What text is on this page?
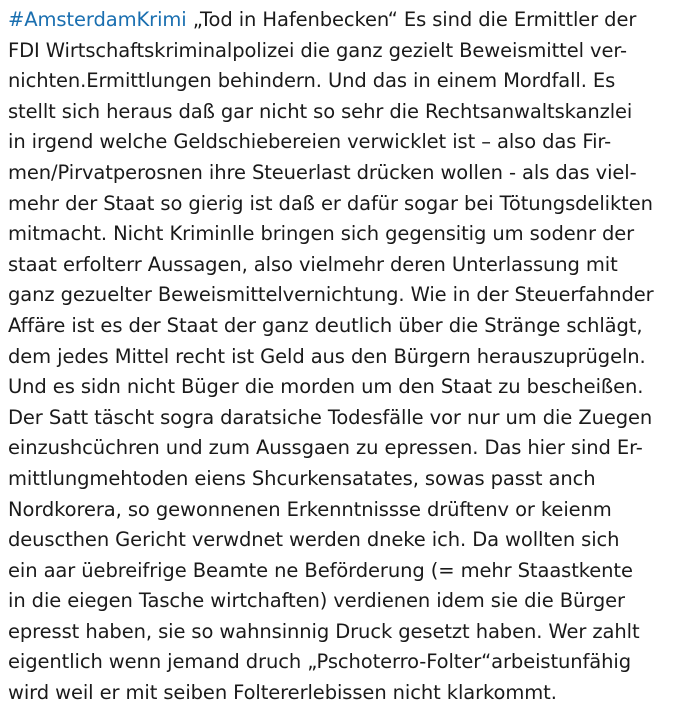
#AmsterdamKrimi „Tod in Hafenbecken“ Es sind die Ermittler der
FDI Wirtschaftskriminalpolizei die ganz gezielt Beweismittel ver-
nichten.Ermittlungen behindern. Und das in einem Mordfall. Es
stellt sich heraus daß gar nicht so sehr die Rechtsanwaltskanzlei
in irgend welche Geldschiebereien verwicklet ist – also das Fir-
men/Pirvatperosnen ihre Steuerlast drücken wollen - als das viel-
mehr der Staat so gierig ist daß er dafür sogar bei Tötungsdelikten
mitmacht. Nicht Kriminlle bringen sich gegensitig um sodenr der
staat erfolterr Aussagen, also vielmehr deren Unterlassung mit
ganz gezuelter Beweismittelvernichtung. Wie in der Steuerfahnder
Affäre ist es der Staat der ganz deutlich über die Stränge schlägt,
dem jedes Mittel recht ist Geld aus den Bürgern herauszuprügeln.
Und es sidn nicht Büger die morden um den Staat zu bescheißen.
Der Satt täscht sogra daratsiche Todesfälle vor nur um die Zuegen
einzushcüchren und zum Aussgaen zu epressen. Das hier sind Er-
mittlungmehtoden eiens Shcurkensatates, sowas passt anch
Nordkorera, so gewonnenen Erkenntnissse drüftenv or keienm
deuscthen Gericht verwdnet werden dneke ich. Da wollten sich
ein aar üebreifrige Beamte ne Beförderung (= mehr Staastkente
in die eiegen Tasche wirtchaften) verdienen idem sie die Bürger
epresst haben, sie so wahnsinnig Druck gesetzt haben. Wer zahlt
eigentlich wenn jemand druch „Pschoterro-Folter“arbeistunfähig
wird weil er mit seiben Foltererlebissen nicht klarkommt.
